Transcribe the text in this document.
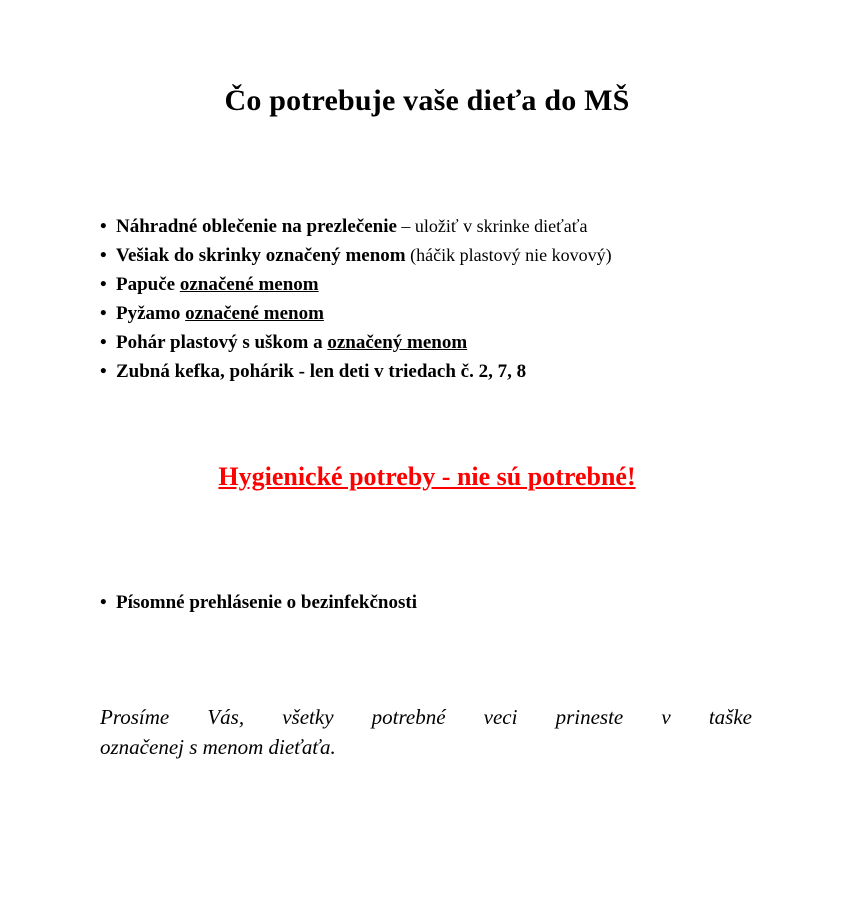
Čo potrebuje vaše dieťa do MŠ
• Náhradné oblečenie na prezlečenie – uložiť v skrinke dieťaťa
• Vešiak do skrinky označený menom (háčik plastový nie kovový)
• Papuče označené menom
• Pyžamo označené menom
• Pohár plastový s uškom a označený menom
• Zubná kefka, pohárik - len deti v triedach č. 2, 7, 8
Hygienické potreby - nie sú potrebné!
• Písomné prehlásenie o bezinfekčnosti
Prosíme Vás, všetky potrebné veci prineste v taške
označenej s menom dieťaťa.
